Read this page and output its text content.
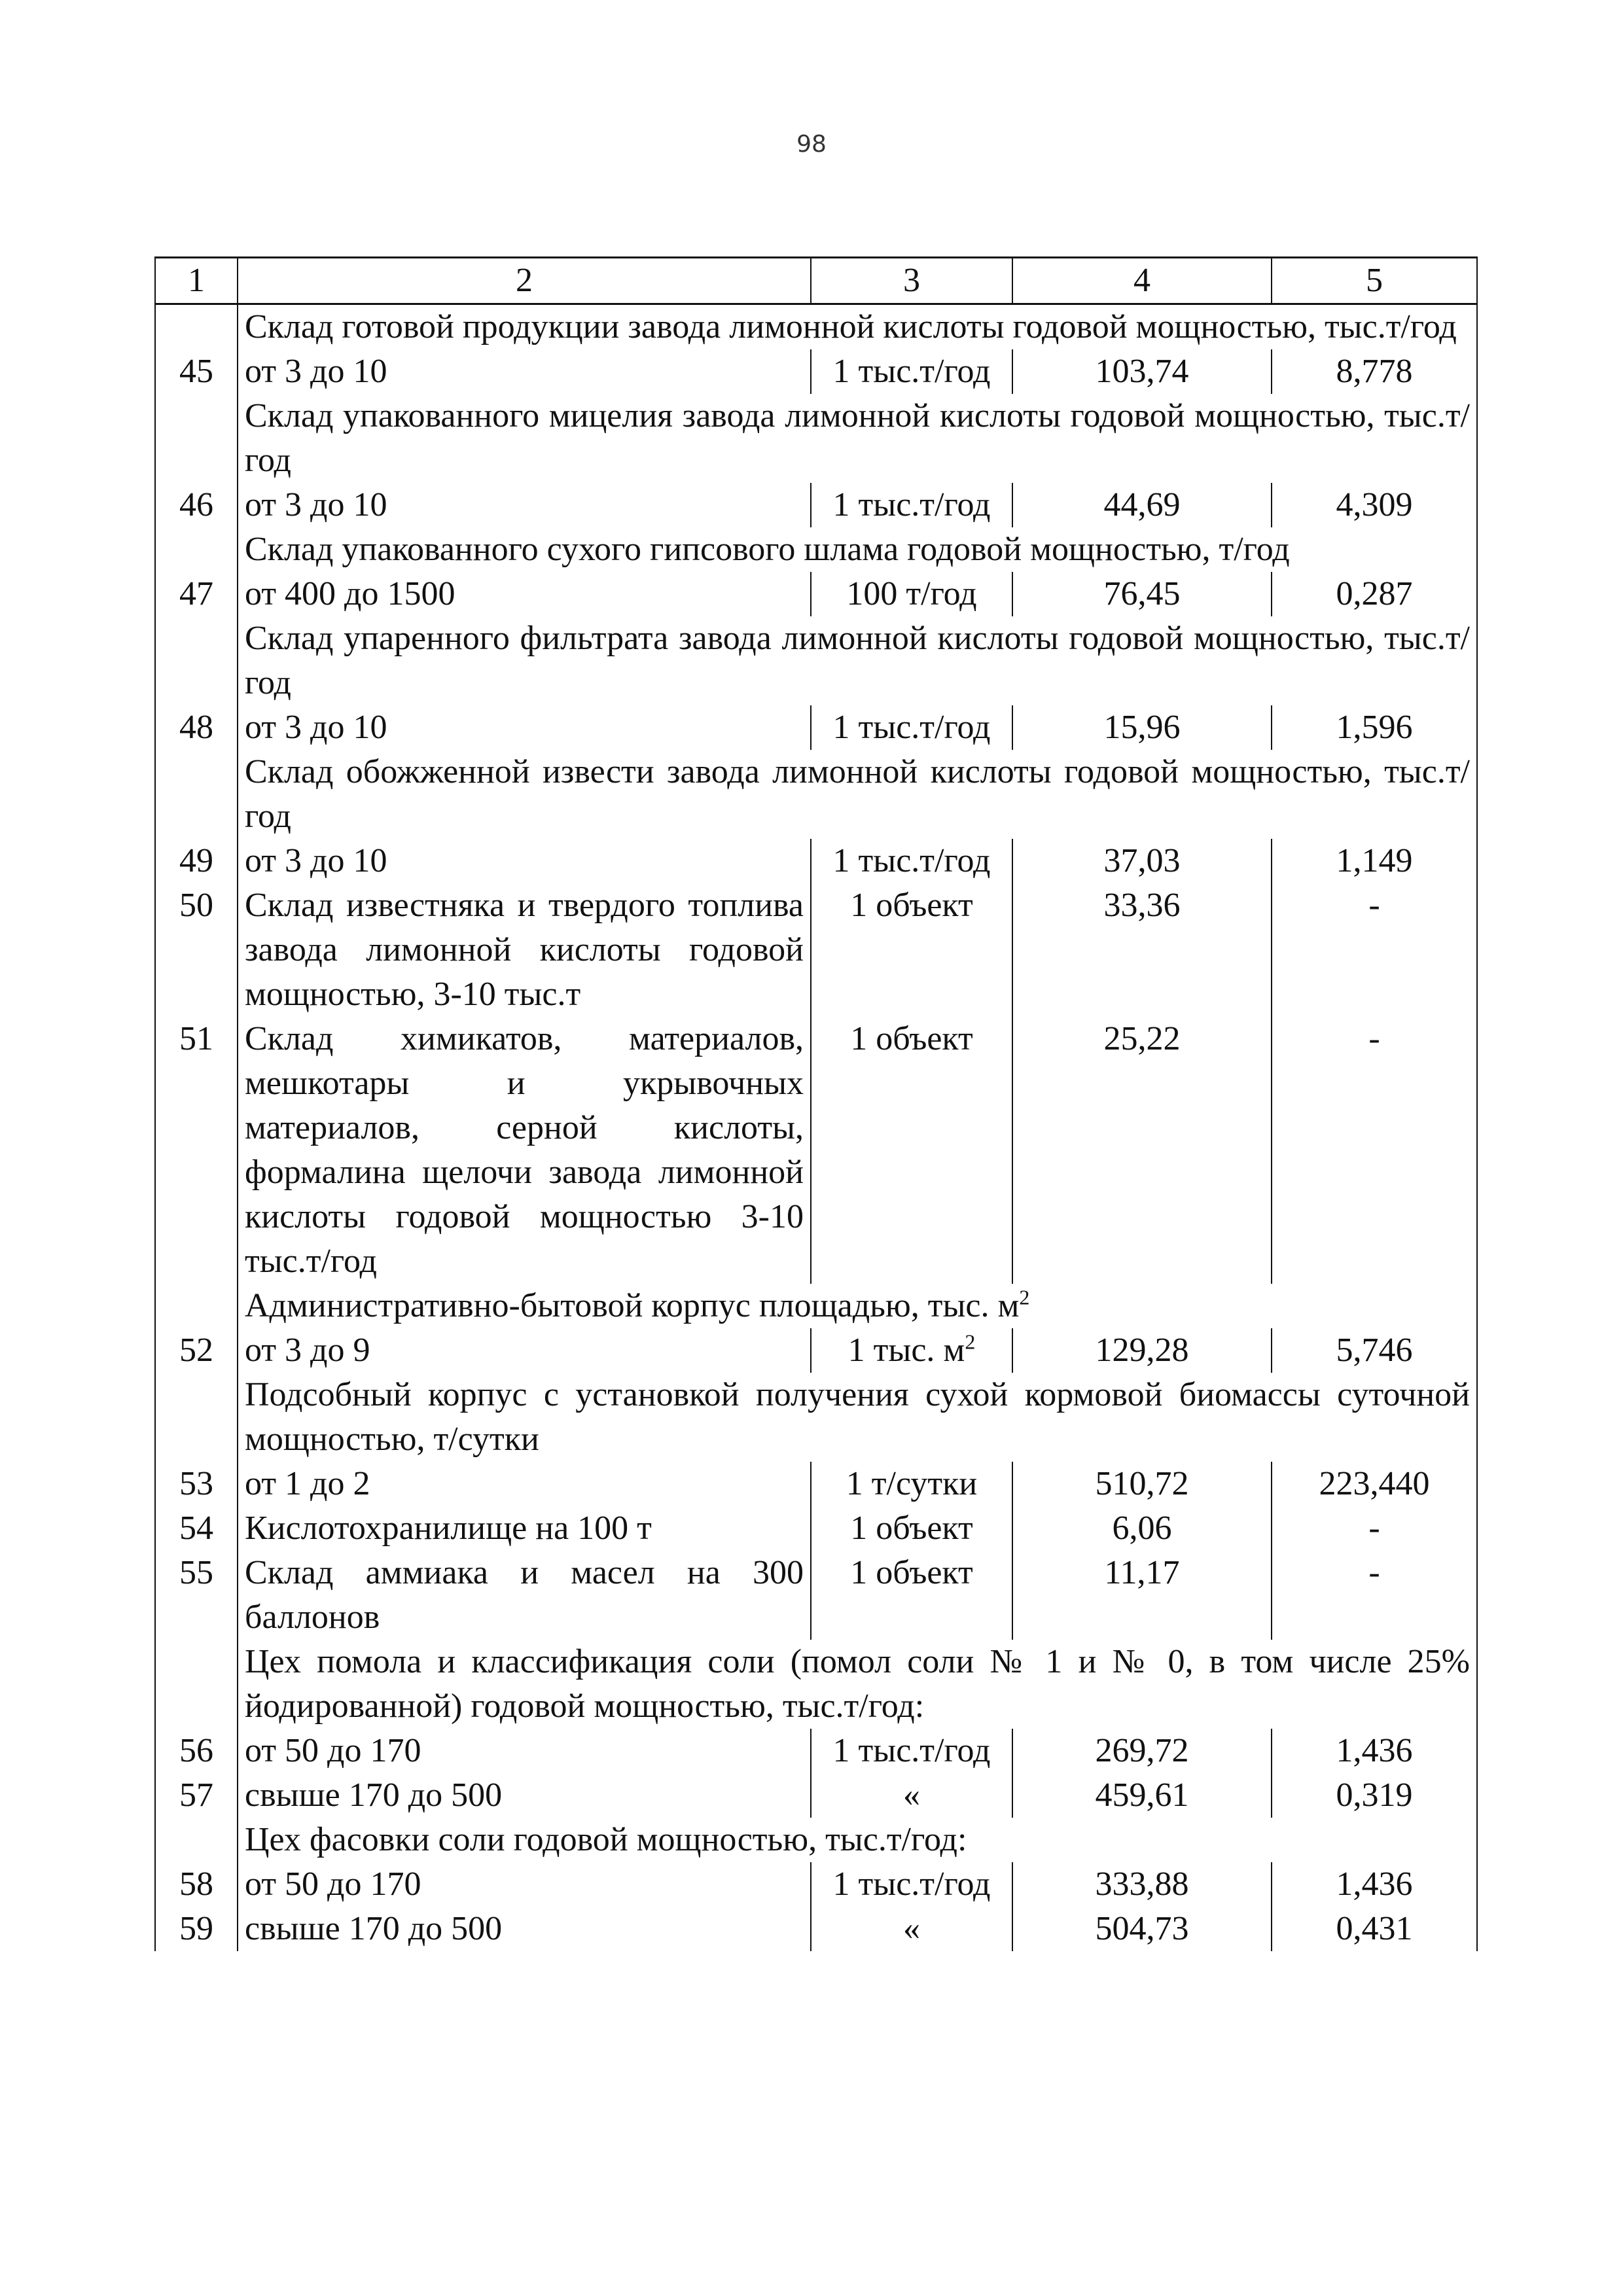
98
1	2	3	4	5
	Склад готовой продукции завода лимонной кислоты годовой мощностью, тыс.т/год			
45	от 3 до 10	1 тыс.т/год	103,74	8,778
	Склад упакованного мицелия завода лимонной кислоты годовой мощностью, тыс.т/год			
46	от 3 до 10	1 тыс.т/год	44,69	4,309
	Склад упакованного сухого гипсового шлама годовой мощностью, т/год			
47	от 400 до 1500	100 т/год	76,45	0,287
	Склад упаренного фильтрата завода лимонной кислоты годовой мощностью, тыс.т/год			
48	от 3 до 10	1 тыс.т/год	15,96	1,596
	Склад обожженной извести завода лимонной кислоты годовой мощностью, тыс.т/год			
49	от 3 до 10	1 тыс.т/год	37,03	1,149
50	Склад известняка и твердого топлива завода лимонной кислоты годовой мощностью, 3-10 тыс.т	1 объект	33,36	-
51	Склад химикатов, материалов, мешкотары и укрывочных материалов, серной кислоты, формалина щелочи завода лимонной кислоты годовой мощностью 3-10 тыс.т/год	1 объект	25,22	-
	Административно-бытовой корпус площадью, тыс. $м^2$
52	от 3 до 9	1 тыс. $м^2$	129,28	5,746
	Подсобный корпус с установкой получения сухой кормовой биомассы суточной мощностью, т/сутки			
53	от 1 до 2	1 т/сутки	510,72	223,440
54	Кислотохранилище на 100 т	1 объект	6,06	-
55	Склад аммиака и масел на 300 баллонов	1 объект	11,17	-
	Цех помола и классификация соли (помол соли № 1 и № 0, в том числе 25% йодированной) годовой мощностью, тыс.т/год:			
56	от 50 до 170	1 тыс.т/год	269,72	1,436
57	свыше 170 до 500	«	459,61	0,319
	Цех фасовки соли годовой мощностью, тыс.т/год:			
58	от 50 до 170	1 тыс.т/год	333,88	1,436
59	свыше 170 до 500	«	504,73	0,431
